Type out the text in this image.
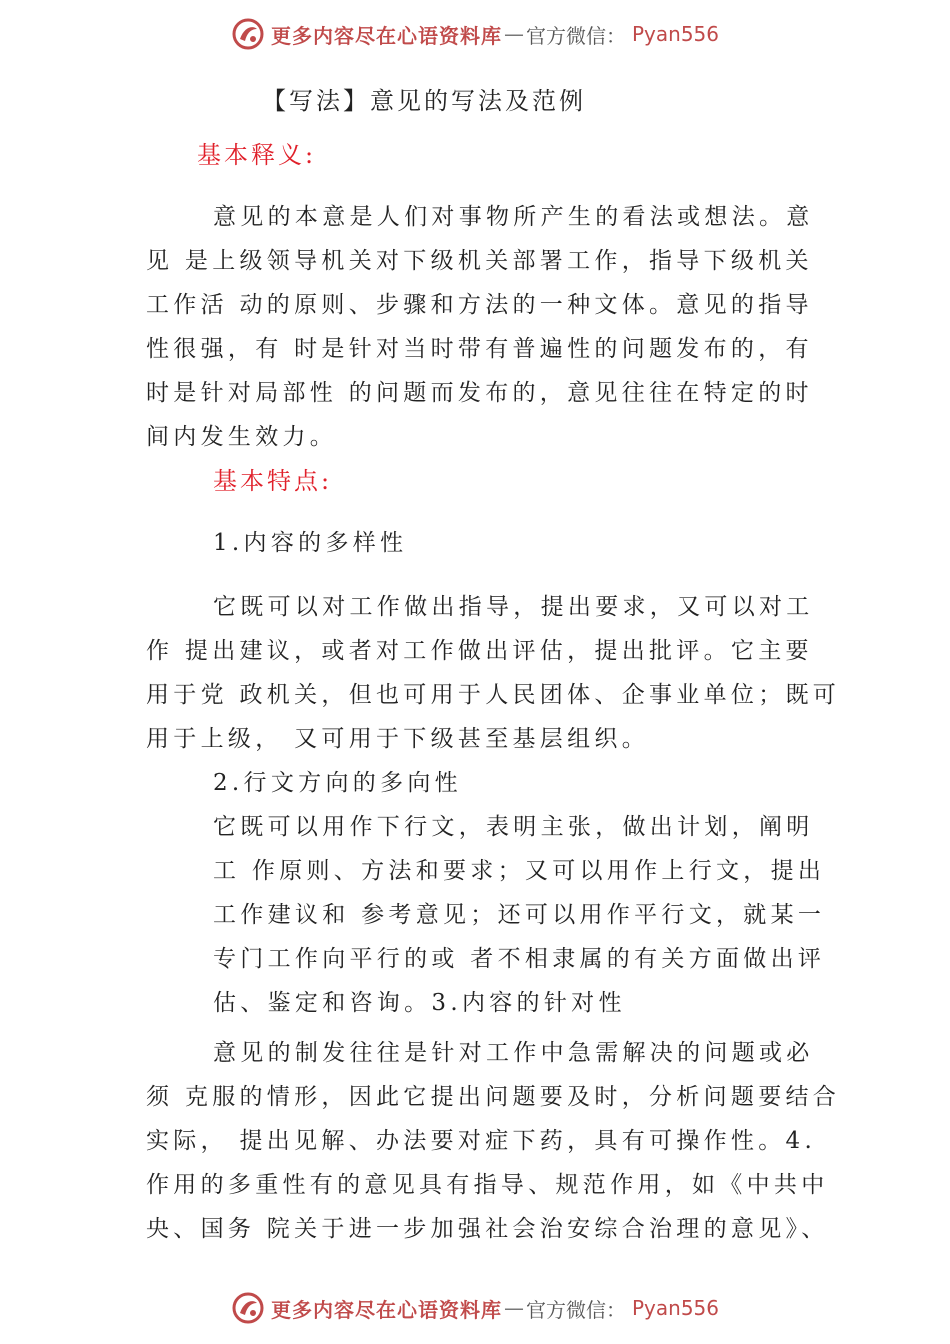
更多内容尽在心语资料库 — 官方微信： Pyan556
【写法】意见的写法及范例
基本释义:
意见的本意是人们对事物所产生的看法或想法。意
见 是上级领导机关对下级机关部署工作，指导下级机关
工作活 动的原则、步骤和方法的一种文体。意见的指导
性很强，有 时是针对当时带有普遍性的问题发布的，有
时是针对局部性 的问题而发布的，意见往往在特定的时
间内发生效力。
基本特点:
1.内容的多样性
它既可以对工作做出指导，提出要求，又可以对工
作 提出建议，或者对工作做出评估，提出批评。它主要
用于党 政机关，但也可用于人民团体、企事业单位；既可
用于上级， 又可用于下级甚至基层组织。
2.行文方向的多向性
它既可以用作下行文，表明主张，做出计划，阐明
工 作原则、方法和要求；又可以用作上行文，提出
工作建议和 参考意见；还可以用作平行文，就某一
专门工作向平行的或 者不相隶属的有关方面做出评
估、鉴定和咨询。3.内容的针对性
意见的制发往往是针对工作中急需解决的问题或必
须 克服的情形，因此它提出问题要及时，分析问题要结合
实际， 提出见解、办法要对症下药，具有可操作性。4.
作用的多重性有的意见具有指导、规范作用，如《中共中
央、国务 院关于进一步加强社会治安综合治理的意见》、
更多内容尽在心语资料库 — 官方微信： Pyan556
